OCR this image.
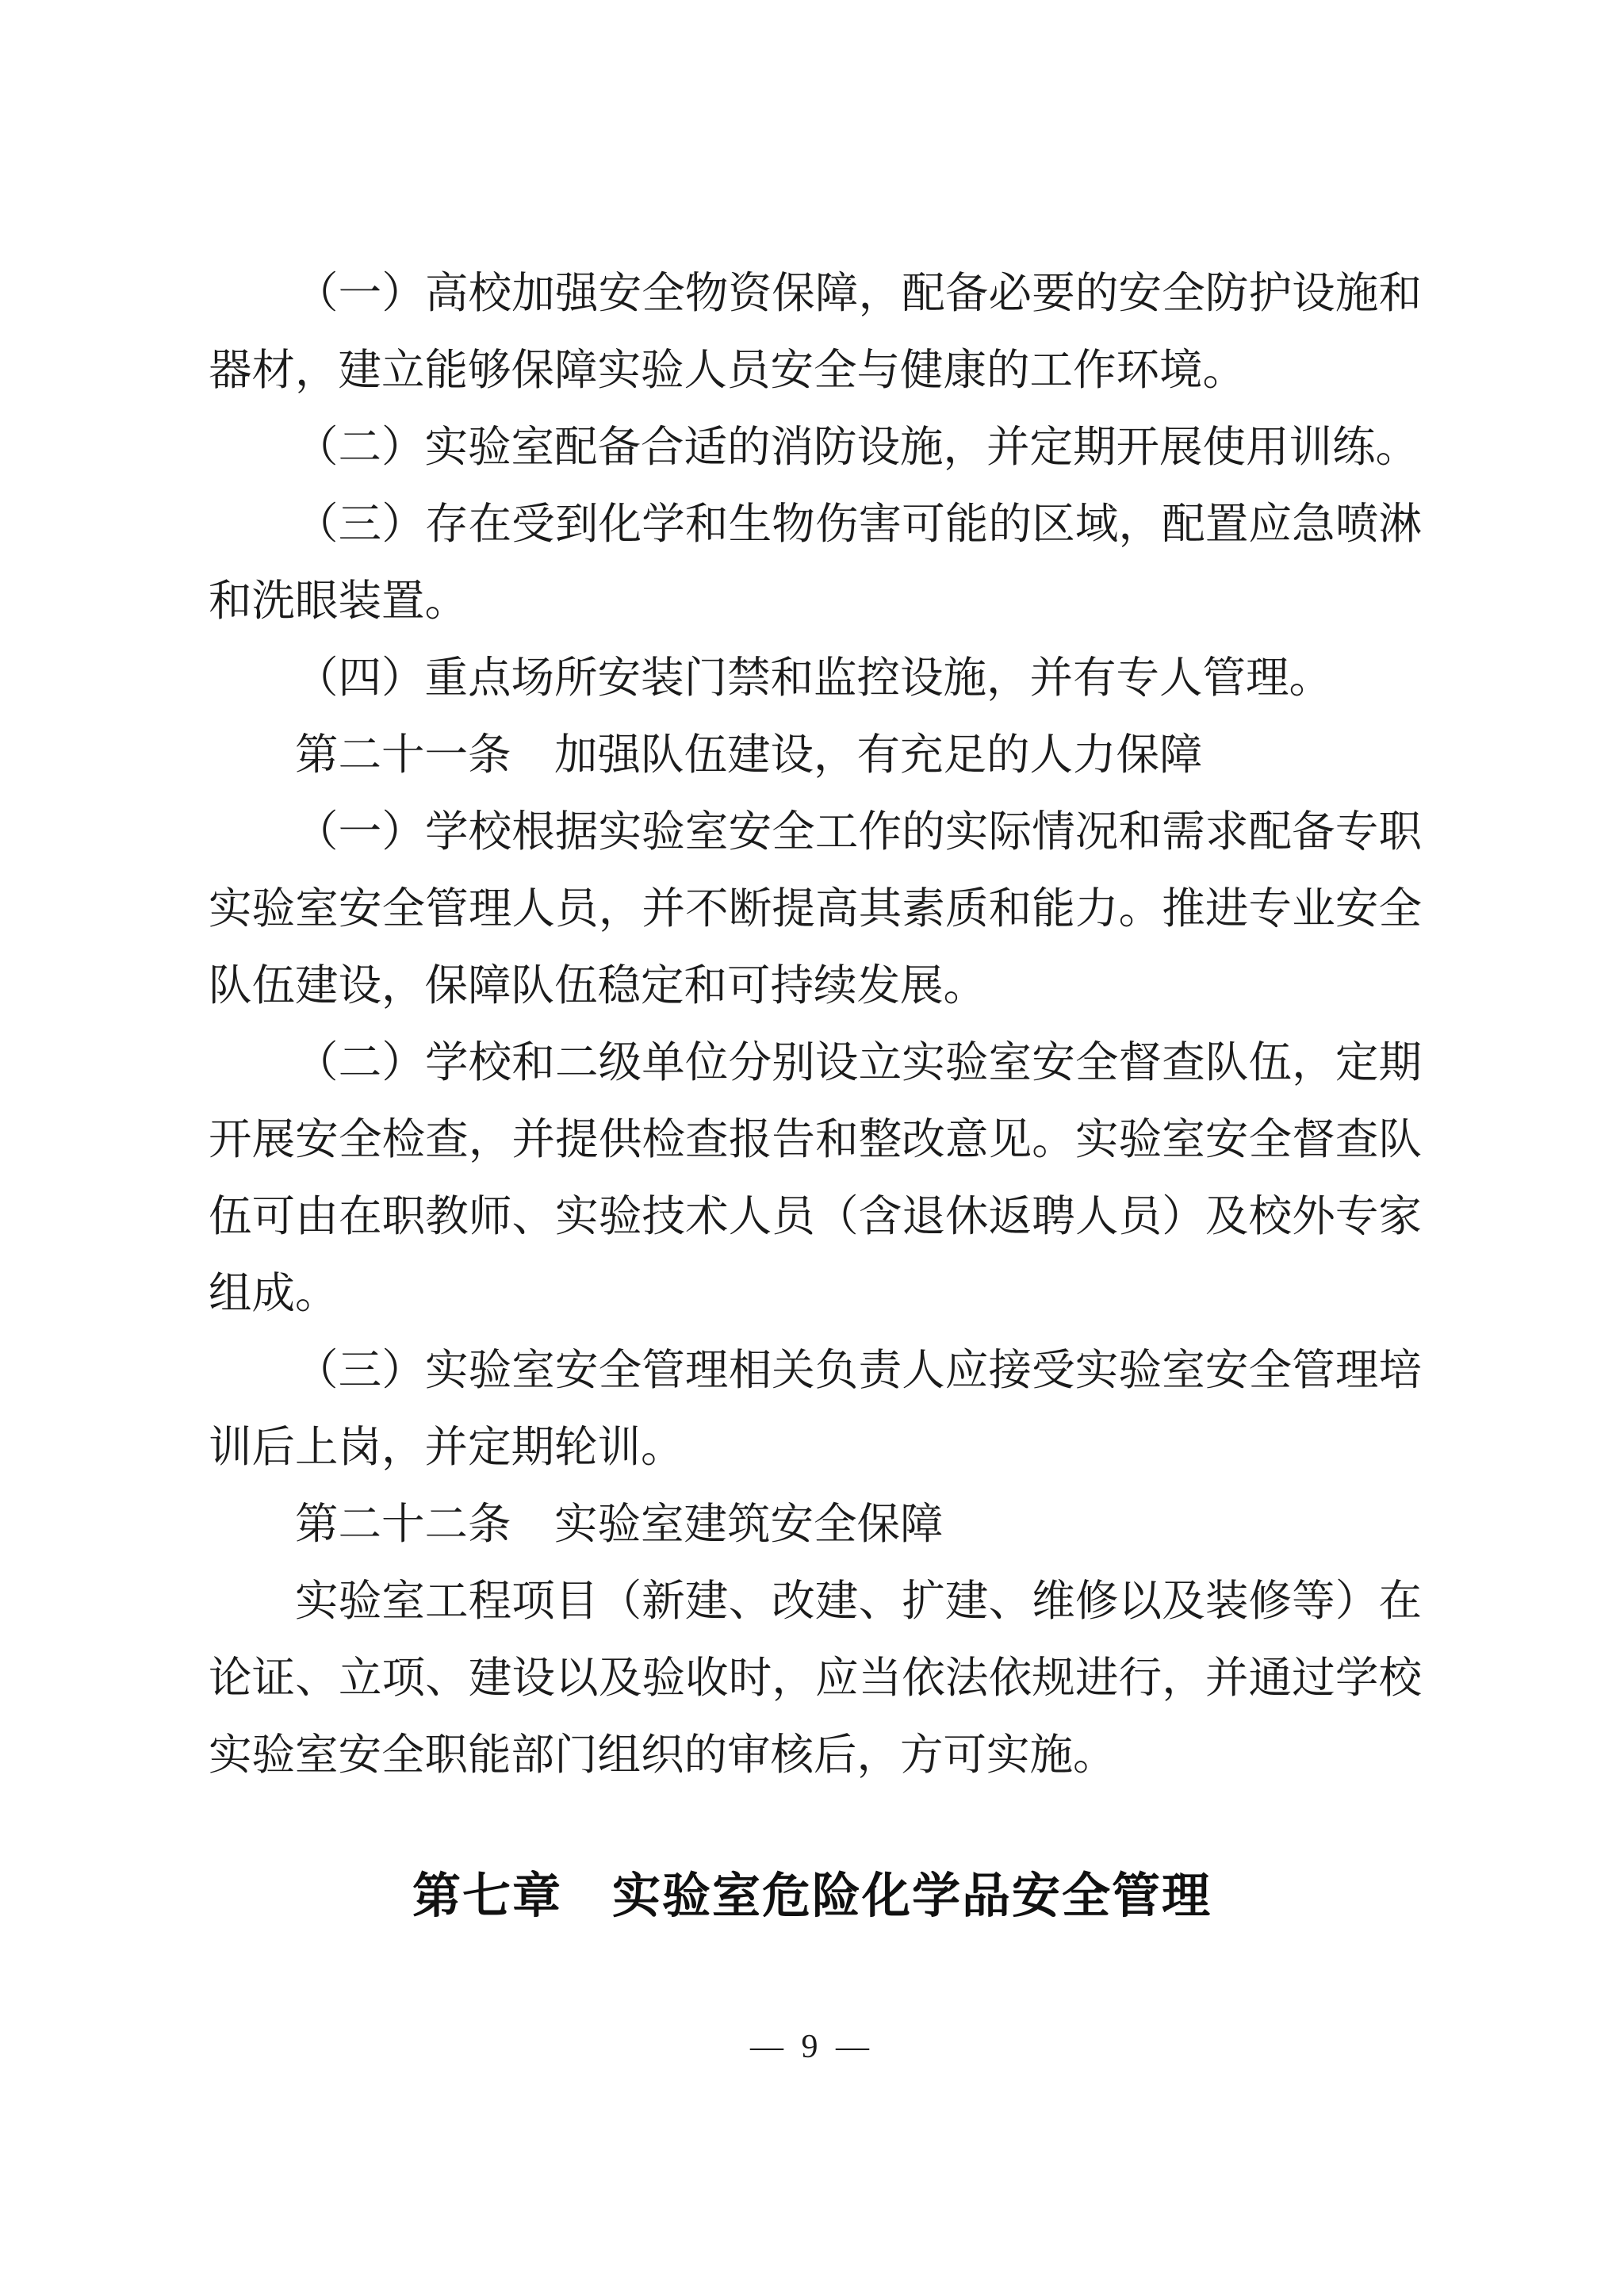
（一）高校加强安全物资保障，配备必要的安全防护设施和
器材，建立能够保障实验人员安全与健康的工作环境。
（二）实验室配备合适的消防设施，并定期开展使用训练。
（三）存在受到化学和生物伤害可能的区域，配置应急喷淋
和洗眼装置。
（四）重点场所安装门禁和监控设施，并有专人管理。
第二十一条　加强队伍建设，有充足的人力保障
（一）学校根据实验室安全工作的实际情况和需求配备专职
实验室安全管理人员，并不断提高其素质和能力。推进专业安全
队伍建设，保障队伍稳定和可持续发展。
（二）学校和二级单位分别设立实验室安全督查队伍，定期
开展安全检查，并提供检查报告和整改意见。实验室安全督查队
伍可由在职教师、实验技术人员（含退休返聘人员）及校外专家
组成。
（三）实验室安全管理相关负责人应接受实验室安全管理培
训后上岗，并定期轮训。
第二十二条　实验室建筑安全保障
实验室工程项目（新建、改建、扩建、维修以及装修等）在
论证、立项、建设以及验收时，应当依法依规进行，并通过学校
实验室安全职能部门组织的审核后，方可实施。
第七章　实验室危险化学品安全管理
— 9 —
